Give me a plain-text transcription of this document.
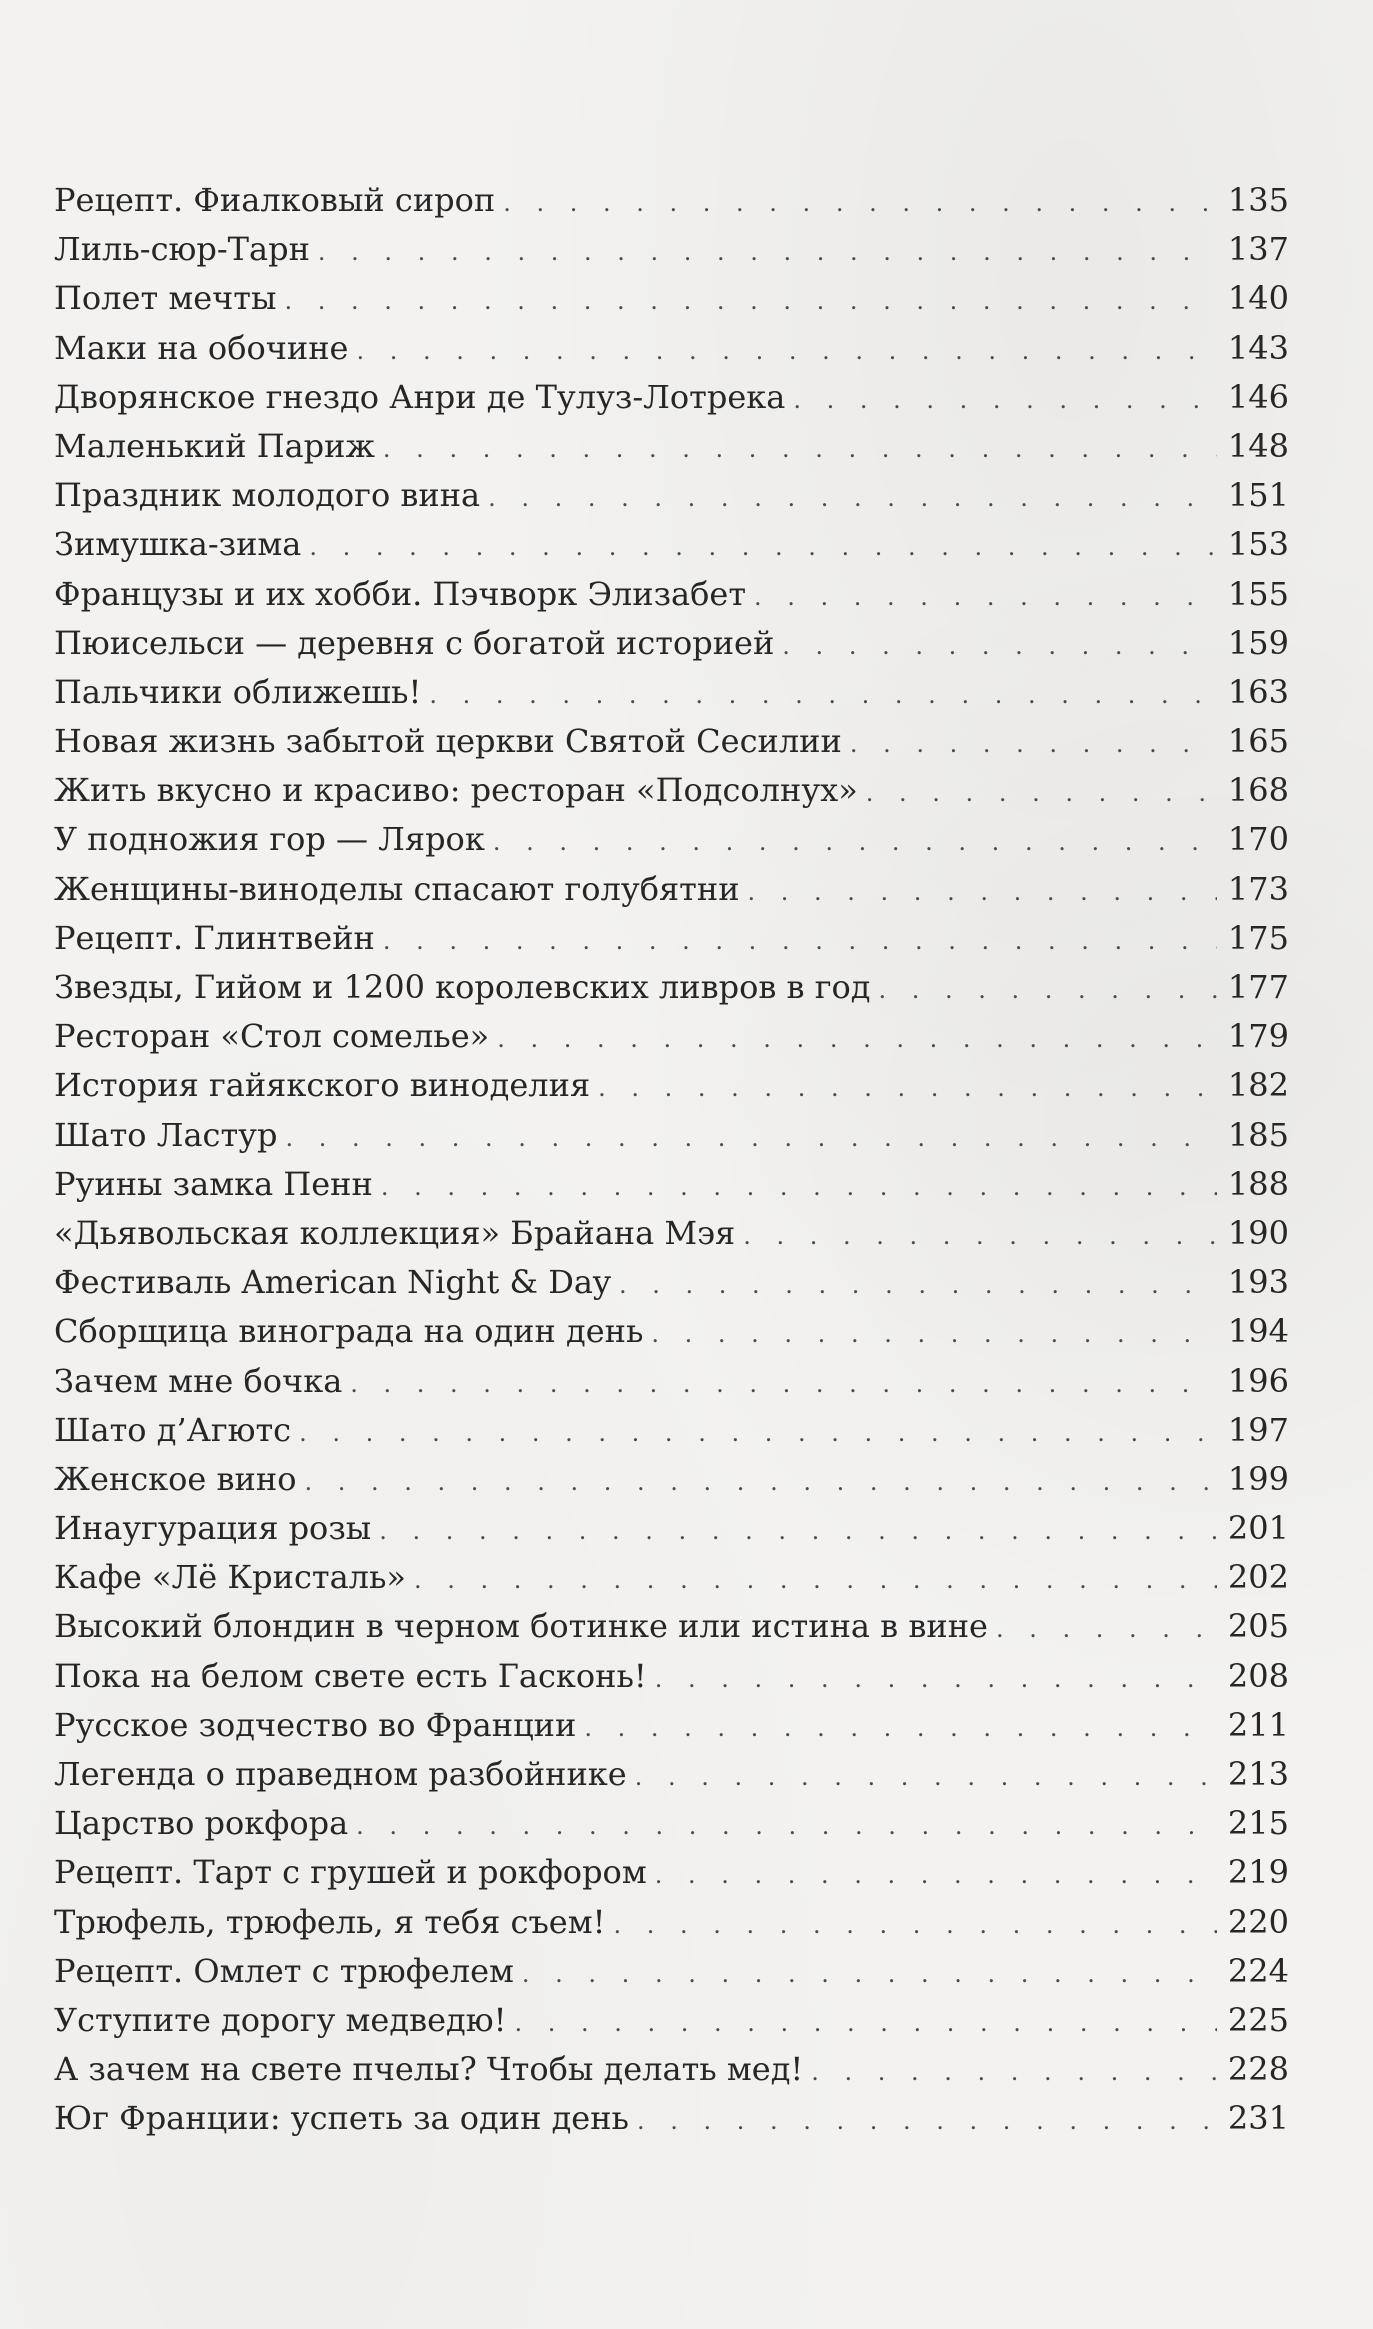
Рецепт. Фиалковый сироп . . .	135
Лиль-сюр-Тарн . . .	137
Полет мечты . . .	140
Маки на обочине . . .	143
Дворянское гнездо Анри де Тулуз-Лотрека . . .	146
Маленький Париж . . .	148
Праздник молодого вина . . .	151
Зимушка-зима . . .	153
Французы и их хобби. Пэчворк Элизабет . . .	155
Пюисельси — деревня с богатой историей . . .	159
Пальчики оближешь! . . .	163
Новая жизнь забытой церкви Святой Сесилии . . .	165
Жить вкусно и красиво: ресторан «Подсолнух» . . .	168
У подножия гор — Лярок . . .	170
Женщины-виноделы спасают голубятни . . .	173
Рецепт. Глинтвейн . . .	175
Звезды, Гийом и 1200 королевских ливров в год . . .	177
Ресторан «Стол сомелье» . . .	179
История гайякского виноделия . . .	182
Шато Ластур . . .	185
Руины замка Пенн . . .	188
«Дьявольская коллекция» Брайана Мэя . . .	190
Фестиваль American Night & Day . . .	193
Сборщица винограда на один день . . .	194
Зачем мне бочка . . .	196
Шато д’Агютс . . .	197
Женское вино . . .	199
Инаугурация розы . . .	201
Кафе «Лё Кристаль» . . .	202
Высокий блондин в черном ботинке или истина в вине . . .	205
Пока на белом свете есть Гасконь! . . .	208
Русское зодчество во Франции . . .	211
Легенда о праведном разбойнике . . .	213
Царство рокфора . . .	215
Рецепт. Тарт с грушей и рокфором . . .	219
Трюфель, трюфель, я тебя съем! . . .	220
Рецепт. Омлет с трюфелем . . .	224
Уступите дорогу медведю! . . .	225
А зачем на свете пчелы? Чтобы делать мед! . . .	228
Юг Франции: успеть за один день . . .	231
